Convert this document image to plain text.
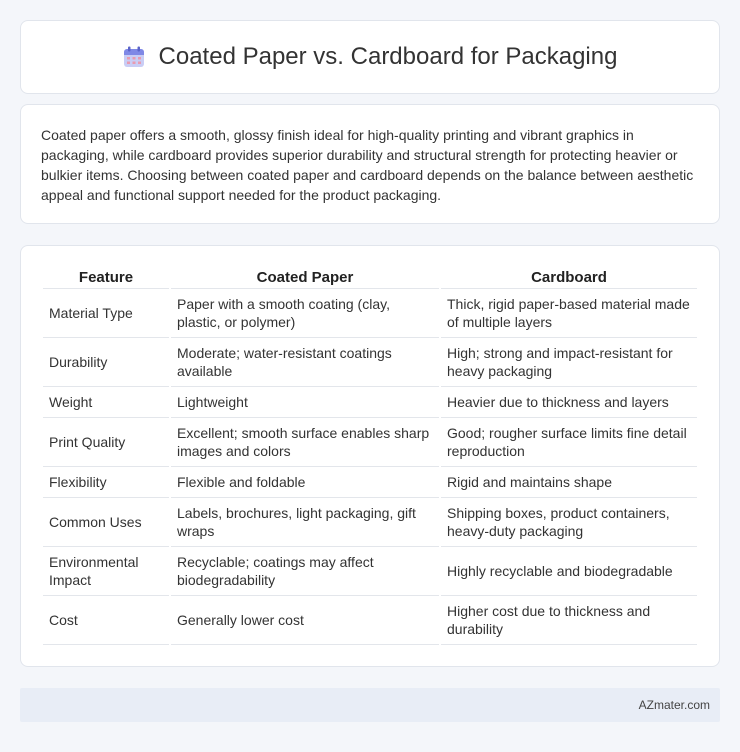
Coated Paper vs. Cardboard for Packaging

Coated paper offers a smooth, glossy finish ideal for high-quality printing and vibrant graphics in packaging, while cardboard provides superior durability and structural strength for protecting heavier or bulkier items. Choosing between coated paper and cardboard depends on the balance between aesthetic appeal and functional support needed for the product packaging.

Feature	Coated Paper	Cardboard
Material Type	Paper with a smooth coating (clay, plastic, or polymer)	Thick, rigid paper-based material made of multiple layers
Durability	Moderate; water-resistant coatings available	High; strong and impact-resistant for heavy packaging
Weight	Lightweight	Heavier due to thickness and layers
Print Quality	Excellent; smooth surface enables sharp images and colors	Good; rougher surface limits fine detail reproduction
Flexibility	Flexible and foldable	Rigid and maintains shape
Common Uses	Labels, brochures, light packaging, gift wraps	Shipping boxes, product containers, heavy-duty packaging
Environmental Impact	Recyclable; coatings may affect biodegradability	Highly recyclable and biodegradable
Cost	Generally lower cost	Higher cost due to thickness and durability
AZmater.com
